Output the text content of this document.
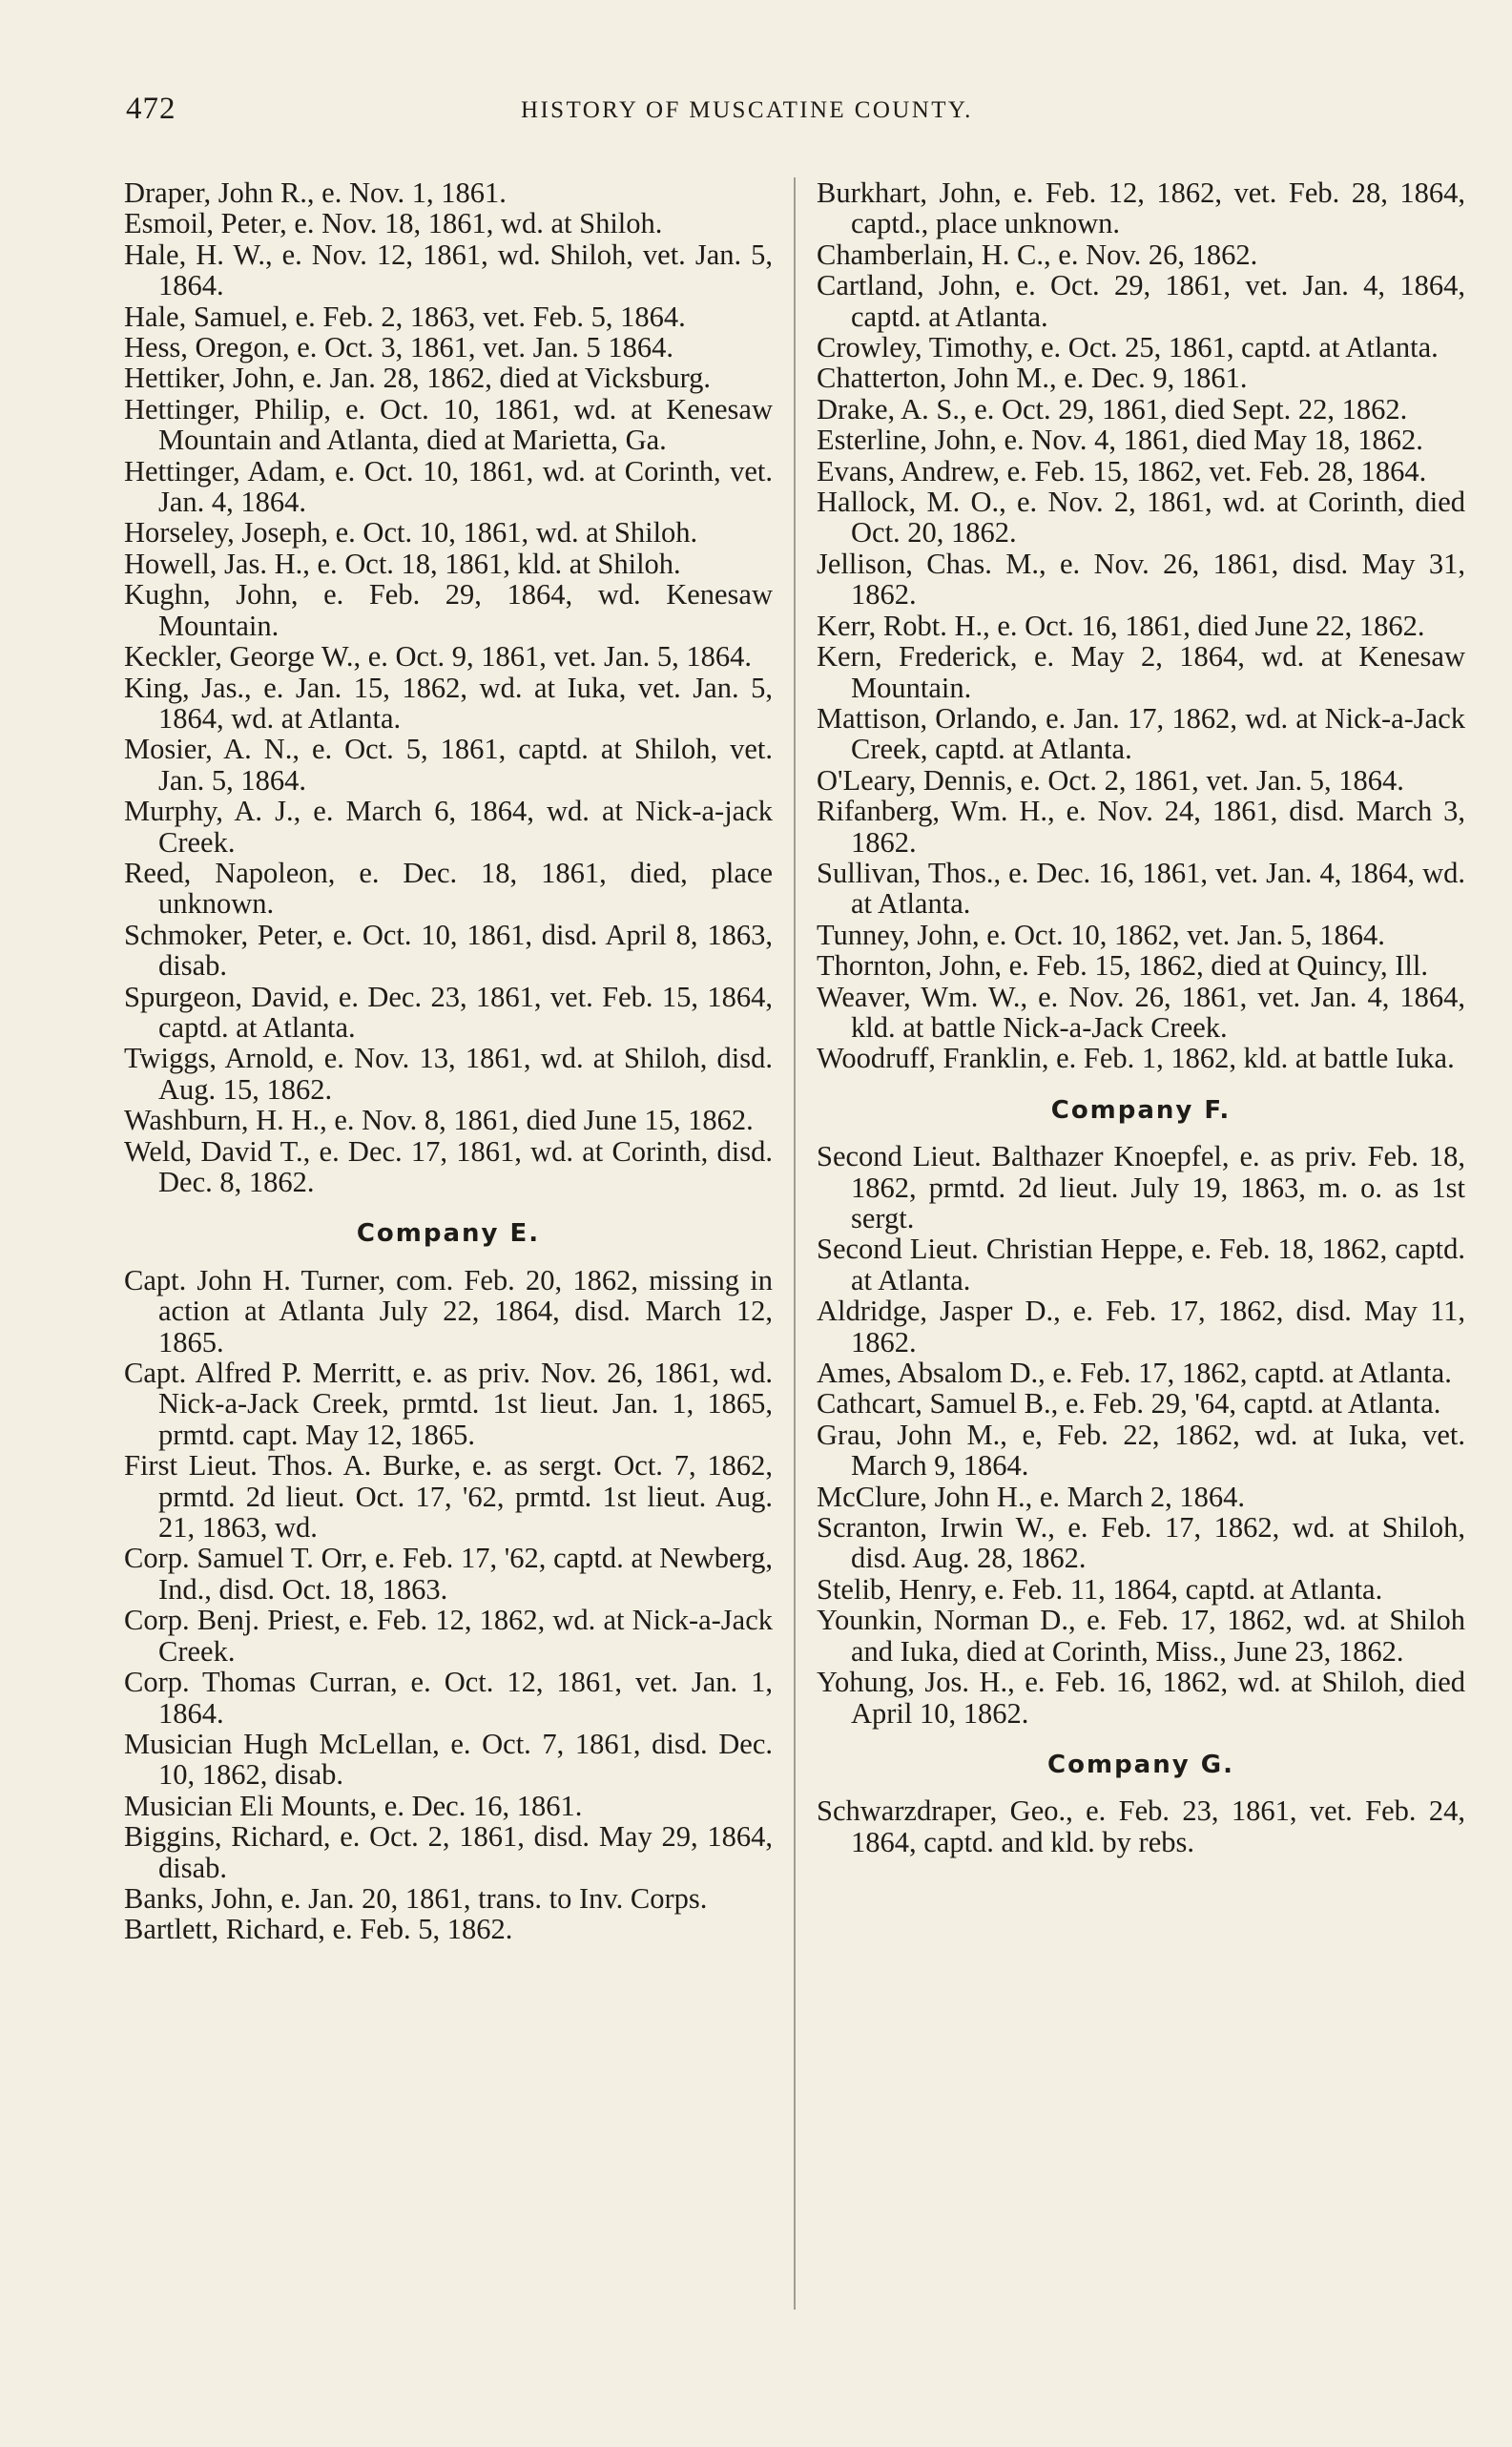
472	HISTORY OF MUSCATINE COUNTY.
Draper, John R., e. Nov. 1, 1861.
Esmoil, Peter, e. Nov. 18, 1861, wd. at Shiloh.
Hale, H. W., e. Nov. 12, 1861, wd. Shiloh, vet. Jan. 5, 1864.
Hale, Samuel, e. Feb. 2, 1863, vet. Feb. 5, 1864.
Hess, Oregon, e. Oct. 3, 1861, vet. Jan. 5 1864.
Hettiker, John, e. Jan. 28, 1862, died at Vicksburg.
Hettinger, Philip, e. Oct. 10, 1861, wd. at Kenesaw Mountain and Atlanta, died at Marietta, Ga.
Hettinger, Adam, e. Oct. 10, 1861, wd. at Corinth, vet. Jan. 4, 1864.
Horseley, Joseph, e. Oct. 10, 1861, wd. at Shiloh.
Howell, Jas. H., e. Oct. 18, 1861, kld. at Shiloh.
Kughn, John, e. Feb. 29, 1864, wd. Kenesaw Mountain.
Keckler, George W., e. Oct. 9, 1861, vet. Jan. 5, 1864.
King, Jas., e. Jan. 15, 1862, wd. at Iuka, vet. Jan. 5, 1864, wd. at Atlanta.
Mosier, A. N., e. Oct. 5, 1861, captd. at Shiloh, vet. Jan. 5, 1864.
Murphy, A. J., e. March 6, 1864, wd. at Nick-a-jack Creek.
Reed, Napoleon, e. Dec. 18, 1861, died, place unknown.
Schmoker, Peter, e. Oct. 10, 1861, disd. April 8, 1863, disab.
Spurgeon, David, e. Dec. 23, 1861, vet. Feb. 15, 1864, captd. at Atlanta.
Twiggs, Arnold, e. Nov. 13, 1861, wd. at Shiloh, disd. Aug. 15, 1862.
Washburn, H. H., e. Nov. 8, 1861, died June 15, 1862.
Weld, David T., e. Dec. 17, 1861, wd. at Corinth, disd. Dec. 8, 1862.
Company E.
Capt. John H. Turner, com. Feb. 20, 1862, missing in action at Atlanta July 22, 1864, disd. March 12, 1865.
Capt. Alfred P. Merritt, e. as priv. Nov. 26, 1861, wd. Nick-a-Jack Creek, prmtd. 1st lieut. Jan. 1, 1865, prmtd. capt. May 12, 1865.
First Lieut. Thos. A. Burke, e. as sergt. Oct. 7, 1862, prmtd. 2d lieut. Oct. 17, '62, prmtd. 1st lieut. Aug. 21, 1863, wd.
Corp. Samuel T. Orr, e. Feb. 17, '62, captd. at Newberg, Ind., disd. Oct. 18, 1863.
Corp. Benj. Priest, e. Feb. 12, 1862, wd. at Nick-a-Jack Creek.
Corp. Thomas Curran, e. Oct. 12, 1861, vet. Jan. 1, 1864.
Musician Hugh McLellan, e. Oct. 7, 1861, disd. Dec. 10, 1862, disab.
Musician Eli Mounts, e. Dec. 16, 1861.
Biggins, Richard, e. Oct. 2, 1861, disd. May 29, 1864, disab.
Banks, John, e. Jan. 20, 1861, trans. to Inv. Corps.
Bartlett, Richard, e. Feb. 5, 1862.
Burkhart, John, e. Feb. 12, 1862, vet. Feb. 28, 1864, captd., place unknown.
Chamberlain, H. C., e. Nov. 26, 1862.
Cartland, John, e. Oct. 29, 1861, vet. Jan. 4, 1864, captd. at Atlanta.
Crowley, Timothy, e. Oct. 25, 1861, captd. at Atlanta.
Chatterton, John M., e. Dec. 9, 1861.
Drake, A. S., e. Oct. 29, 1861, died Sept. 22, 1862.
Esterline, John, e. Nov. 4, 1861, died May 18, 1862.
Evans, Andrew, e. Feb. 15, 1862, vet. Feb. 28, 1864.
Hallock, M. O., e. Nov. 2, 1861, wd. at Corinth, died Oct. 20, 1862.
Jellison, Chas. M., e. Nov. 26, 1861, disd. May 31, 1862.
Kerr, Robt. H., e. Oct. 16, 1861, died June 22, 1862.
Kern, Frederick, e. May 2, 1864, wd. at Kenesaw Mountain.
Mattison, Orlando, e. Jan. 17, 1862, wd. at Nick-a-Jack Creek, captd. at Atlanta.
O'Leary, Dennis, e. Oct. 2, 1861, vet. Jan. 5, 1864.
Rifanberg, Wm. H., e. Nov. 24, 1861, disd. March 3, 1862.
Sullivan, Thos., e. Dec. 16, 1861, vet. Jan. 4, 1864, wd. at Atlanta.
Tunney, John, e. Oct. 10, 1862, vet. Jan. 5, 1864.
Thornton, John, e. Feb. 15, 1862, died at Quincy, Ill.
Weaver, Wm. W., e. Nov. 26, 1861, vet. Jan. 4, 1864, kld. at battle Nick-a-Jack Creek.
Woodruff, Franklin, e. Feb. 1, 1862, kld. at battle Iuka.
Company F.
Second Lieut. Balthazer Knoepfel, e. as priv. Feb. 18, 1862, prmtd. 2d lieut. July 19, 1863, m. o. as 1st sergt.
Second Lieut. Christian Heppe, e. Feb. 18, 1862, captd. at Atlanta.
Aldridge, Jasper D., e. Feb. 17, 1862, disd. May 11, 1862.
Ames, Absalom D., e. Feb. 17, 1862, captd. at Atlanta.
Cathcart, Samuel B., e. Feb. 29, '64, captd. at Atlanta.
Grau, John M., e, Feb. 22, 1862, wd. at Iuka, vet. March 9, 1864.
McClure, John H., e. March 2, 1864.
Scranton, Irwin W., e. Feb. 17, 1862, wd. at Shiloh, disd. Aug. 28, 1862.
Stelib, Henry, e. Feb. 11, 1864, captd. at Atlanta.
Younkin, Norman D., e. Feb. 17, 1862, wd. at Shiloh and Iuka, died at Corinth, Miss., June 23, 1862.
Yohung, Jos. H., e. Feb. 16, 1862, wd. at Shiloh, died April 10, 1862.
Company G.
Schwarzdraper, Geo., e. Feb. 23, 1861, vet. Feb. 24, 1864, captd. and kld. by rebs.
